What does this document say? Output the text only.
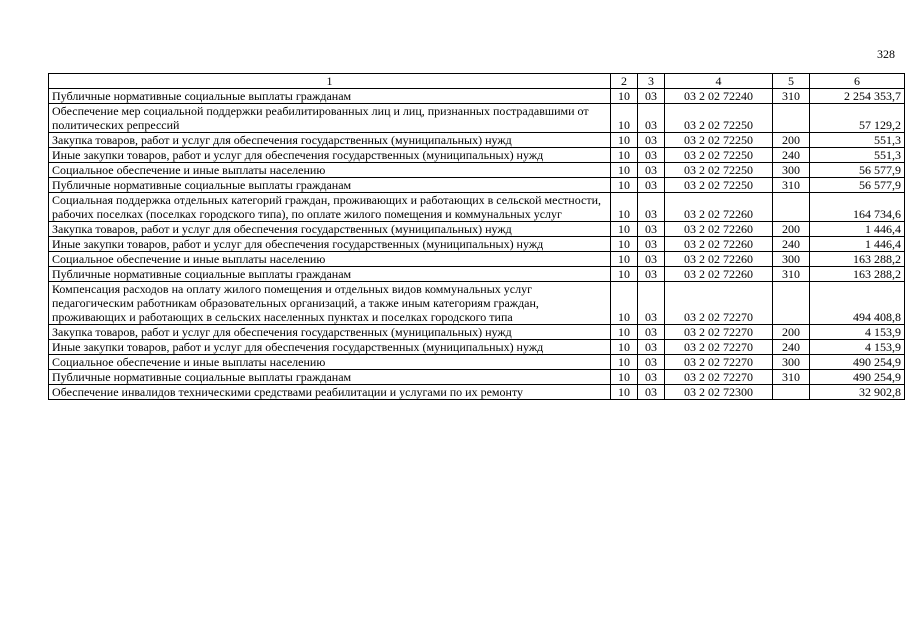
328
1	2	3	4	5	6
Публичные нормативные социальные выплаты гражданам	10	03	03 2 02 72240	310	2 254 353,7
Обеспечение мер социальной поддержки реабилитированных лиц и лиц, признанных пострадавшими от политических репрессий	10	03	03 2 02 72250		57 129,2
Закупка товаров, работ и услуг для обеспечения государственных (муниципальных) нужд	10	03	03 2 02 72250	200	551,3
Иные закупки товаров, работ и услуг для обеспечения государственных (муниципальных) нужд	10	03	03 2 02 72250	240	551,3
Социальное обеспечение и иные выплаты населению	10	03	03 2 02 72250	300	56 577,9
Публичные нормативные социальные выплаты гражданам	10	03	03 2 02 72250	310	56 577,9
Социальная поддержка отдельных категорий граждан, проживающих и работающих в сельской местности, рабочих поселках (поселках городского типа), по оплате жилого помещения и коммунальных услуг	10	03	03 2 02 72260		164 734,6
Закупка товаров, работ и услуг для обеспечения государственных (муниципальных) нужд	10	03	03 2 02 72260	200	1 446,4
Иные закупки товаров, работ и услуг для обеспечения государственных (муниципальных) нужд	10	03	03 2 02 72260	240	1 446,4
Социальное обеспечение и иные выплаты населению	10	03	03 2 02 72260	300	163 288,2
Публичные нормативные социальные выплаты гражданам	10	03	03 2 02 72260	310	163 288,2
Компенсация расходов на оплату жилого помещения и отдельных видов коммунальных услуг педагогическим работникам образовательных организаций, а также иным категориям граждан, проживающих и работающих в сельских населенных пунктах и поселках городского типа	10	03	03 2 02 72270		494 408,8
Закупка товаров, работ и услуг для обеспечения государственных (муниципальных) нужд	10	03	03 2 02 72270	200	4 153,9
Иные закупки товаров, работ и услуг для обеспечения государственных (муниципальных) нужд	10	03	03 2 02 72270	240	4 153,9
Социальное обеспечение и иные выплаты населению	10	03	03 2 02 72270	300	490 254,9
Публичные нормативные социальные выплаты гражданам	10	03	03 2 02 72270	310	490 254,9
Обеспечение инвалидов техническими средствами реабилитации и услугами по их ремонту	10	03	03 2 02 72300		32 902,8
